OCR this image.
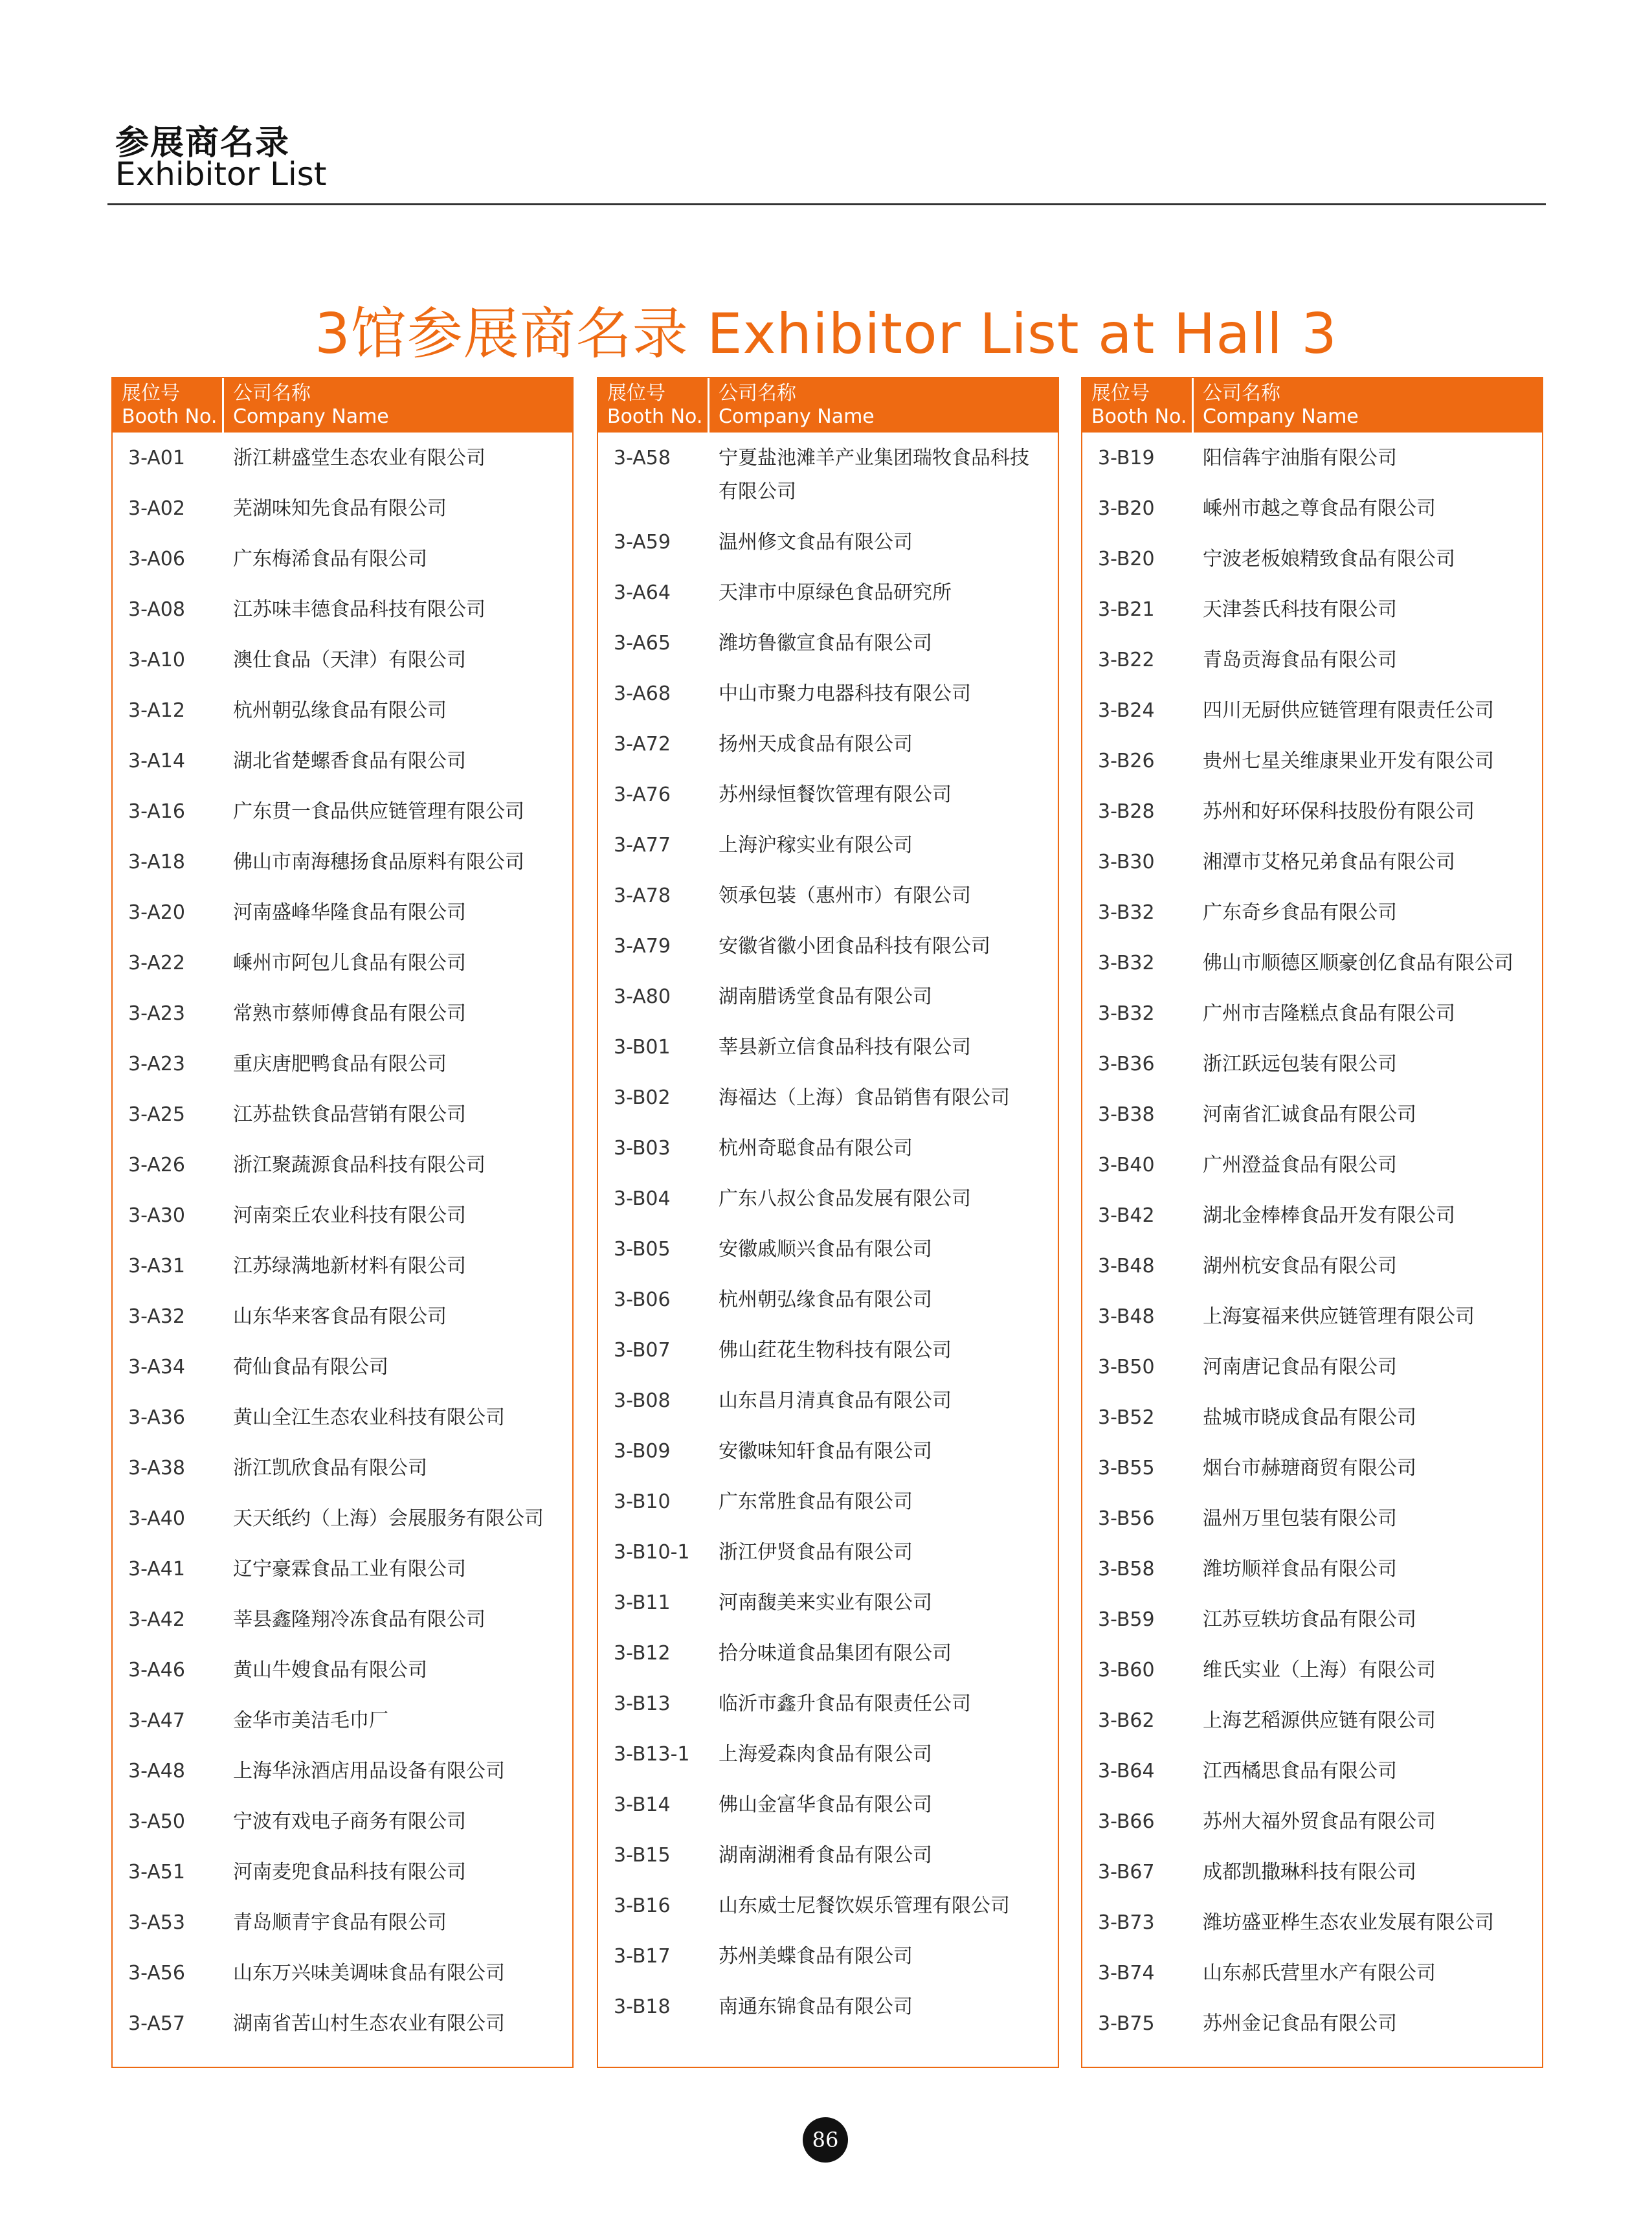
参展商名录
Exhibitor List
3馆参展商名录 Exhibitor List at Hall 3
展位号
Booth No.
公司名称
Company Name
3-A01	浙江耕盛堂生态农业有限公司
3-A02	芜湖味知先食品有限公司
3-A06	广东梅浠食品有限公司
3-A08	江苏味丰德食品科技有限公司
3-A10	澳仕食品（天津）有限公司
3-A12	杭州朝弘缘食品有限公司
3-A14	湖北省楚螺香食品有限公司
3-A16	广东贯一食品供应链管理有限公司
3-A18	佛山市南海穗扬食品原料有限公司
3-A20	河南盛峰华隆食品有限公司
3-A22	嵊州市阿包儿食品有限公司
3-A23	常熟市蔡师傅食品有限公司
3-A23	重庆唐肥鸭食品有限公司
3-A25	江苏盐铁食品营销有限公司
3-A26	浙江聚蔬源食品科技有限公司
3-A30	河南栾丘农业科技有限公司
3-A31	江苏绿满地新材料有限公司
3-A32	山东华来客食品有限公司
3-A34	荷仙食品有限公司
3-A36	黄山全江生态农业科技有限公司
3-A38	浙江凯欣食品有限公司
3-A40	天天纸约（上海）会展服务有限公司
3-A41	辽宁豪霖食品工业有限公司
3-A42	莘县鑫隆翔冷冻食品有限公司
3-A46	黄山牛嫂食品有限公司
3-A47	金华市美洁毛巾厂
3-A48	上海华泳酒店用品设备有限公司
3-A50	宁波有戏电子商务有限公司
3-A51	河南麦兜食品科技有限公司
3-A53	青岛顺青宇食品有限公司
3-A56	山东万兴味美调味食品有限公司
3-A57	湖南省苦山村生态农业有限公司
展位号
Booth No.
公司名称
Company Name
3-A58	宁夏盐池滩羊产业集团瑞牧食品科技有限公司
3-A59	温州修文食品有限公司
3-A64	天津市中原绿色食品研究所
3-A65	潍坊鲁徽宣食品有限公司
3-A68	中山市聚力电器科技有限公司
3-A72	扬州天成食品有限公司
3-A76	苏州绿恒餐饮管理有限公司
3-A77	上海沪稼实业有限公司
3-A78	领承包装（惠州市）有限公司
3-A79	安徽省徽小团食品科技有限公司
3-A80	湖南腊诱堂食品有限公司
3-B01	莘县新立信食品科技有限公司
3-B02	海福达（上海）食品销售有限公司
3-B03	杭州奇聪食品有限公司
3-B04	广东八叔公食品发展有限公司
3-B05	安徽戚顺兴食品有限公司
3-B06	杭州朝弘缘食品有限公司
3-B07	佛山荭花生物科技有限公司
3-B08	山东昌月清真食品有限公司
3-B09	安徽味知轩食品有限公司
3-B10	广东常胜食品有限公司
3-B10-1	浙江伊贤食品有限公司
3-B11	河南馥美来实业有限公司
3-B12	拾分味道食品集团有限公司
3-B13	临沂市鑫升食品有限责任公司
3-B13-1	上海爱森肉食品有限公司
3-B14	佛山金富华食品有限公司
3-B15	湖南湖湘肴食品有限公司
3-B16	山东威士尼餐饮娱乐管理有限公司
3-B17	苏州美蝶食品有限公司
3-B18	南通东锦食品有限公司
展位号
Booth No.
公司名称
Company Name
3-B19	阳信犇宇油脂有限公司
3-B20	嵊州市越之尊食品有限公司
3-B20	宁波老板娘精致食品有限公司
3-B21	天津荟氏科技有限公司
3-B22	青岛贡海食品有限公司
3-B24	四川无厨供应链管理有限责任公司
3-B26	贵州七星关维康果业开发有限公司
3-B28	苏州和好环保科技股份有限公司
3-B30	湘潭市艾格兄弟食品有限公司
3-B32	广东奇乡食品有限公司
3-B32	佛山市顺德区顺豪创亿食品有限公司
3-B32	广州市吉隆糕点食品有限公司
3-B36	浙江跃远包装有限公司
3-B38	河南省汇诚食品有限公司
3-B40	广州澄益食品有限公司
3-B42	湖北金棒棒食品开发有限公司
3-B48	湖州杭安食品有限公司
3-B48	上海宴福来供应链管理有限公司
3-B50	河南唐记食品有限公司
3-B52	盐城市晓成食品有限公司
3-B55	烟台市赫瑭商贸有限公司
3-B56	温州万里包装有限公司
3-B58	潍坊顺祥食品有限公司
3-B59	江苏豆轶坊食品有限公司
3-B60	维氏实业（上海）有限公司
3-B62	上海艺稻源供应链有限公司
3-B64	江西橘思食品有限公司
3-B66	苏州大福外贸食品有限公司
3-B67	成都凯撒琳科技有限公司
3-B73	潍坊盛亚桦生态农业发展有限公司
3-B74	山东郝氏营里水产有限公司
3-B75	苏州金记食品有限公司
86
